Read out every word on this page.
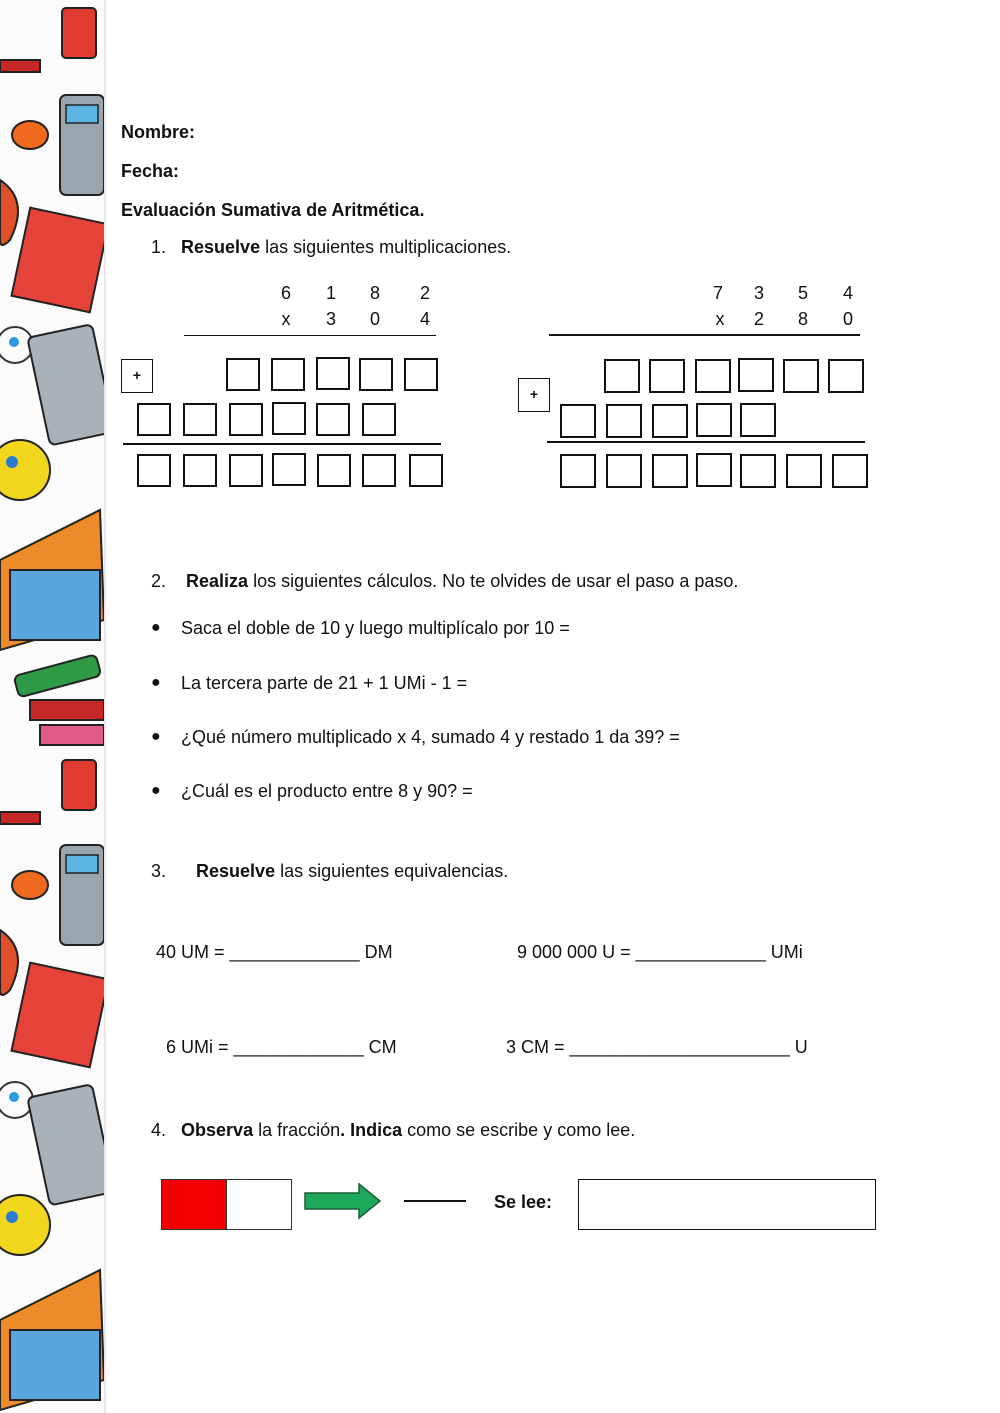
Nombre:
Fecha:
Evaluación Sumativa de Aritmética.
1. Resuelve las siguientes multiplicaciones.
6 1 8 2
x	3 0 4
+
7 3 5 4
x	2 8 0
+
2. Realiza los siguientes cálculos. No te olvides de usar el paso a paso.
● Saca el doble de 10 y luego multiplícalo por 10 =
● La tercera parte de 21 + 1 UMi - 1 =
● ¿Qué número multiplicado x 4, sumado 4 y restado 1 da 39? =
● ¿Cuál es el producto entre 8 y 90? =
3. Resuelve las siguientes equivalencias.
40 UM = _____________ DM	9 000 000 U = _____________ UMi
6 UMi = _____________ CM	3 CM = ______________________ U
4. Observa la fracción. Indica como se escribe y como lee.
Se lee:
